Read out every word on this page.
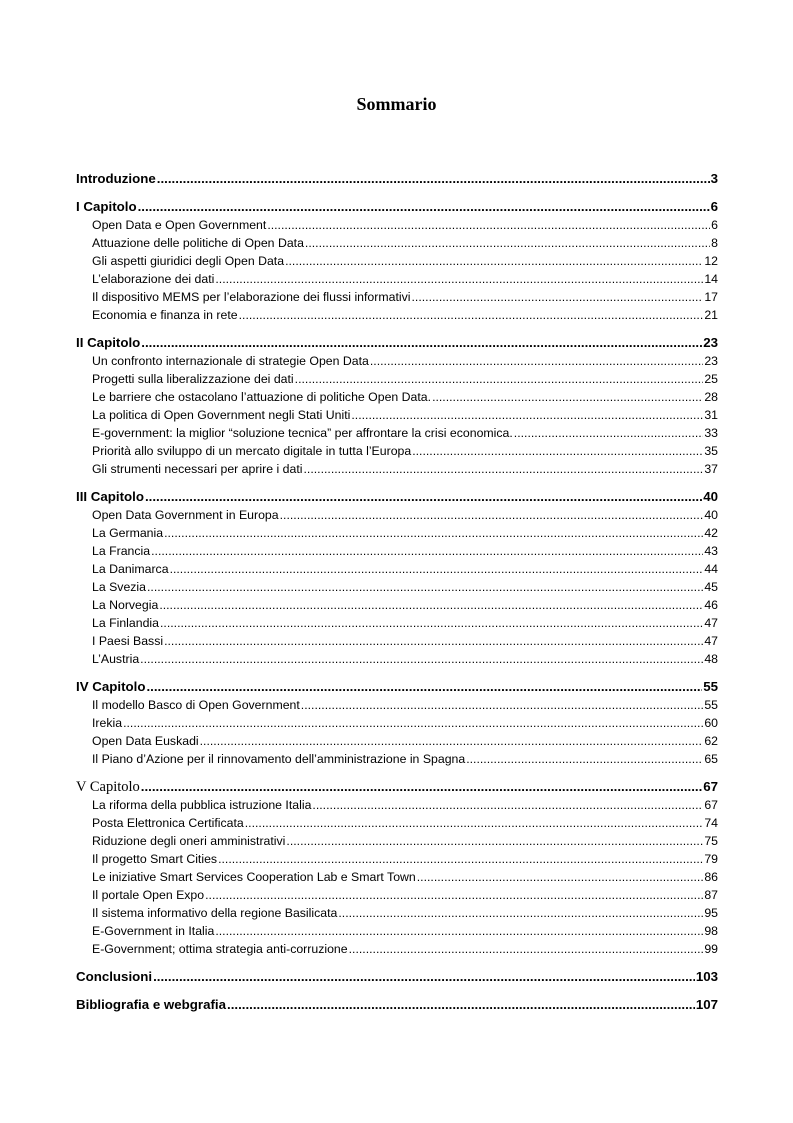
Sommario
Introduzione .....	3
I Capitolo .....	6
Open Data e Open Government .....	6
Attuazione delle politiche di Open Data .....	8
Gli aspetti giuridici degli Open Data .....	12
L’elaborazione dei dati .....	14
Il dispositivo MEMS per l’elaborazione dei flussi informativi .....	17
Economia e finanza in rete .....	21
II Capitolo .....	23
Un confronto internazionale di strategie Open Data .....	23
Progetti sulla liberalizzazione dei dati .....	25
Le barriere che ostacolano l’attuazione di politiche Open Data. .....	28
La politica di Open Government negli Stati Uniti .....	31
E-government: la miglior “soluzione tecnica” per affrontare la crisi economica. .....	33
Priorità allo sviluppo di un mercato digitale in tutta l’Europa .....	35
Gli strumenti necessari per aprire i dati .....	37
III Capitolo .....	40
Open Data Government in Europa .....	40
La Germania .....	42
La Francia .....	43
La Danimarca .....	44
La Svezia .....	45
La Norvegia .....	46
La Finlandia .....	47
I Paesi Bassi .....	47
L’Austria .....	48
IV Capitolo .....	55
Il modello Basco di Open Government .....	55
Irekia .....	60
Open Data Euskadi .....	62
Il Piano d’Azione per il rinnovamento dell’amministrazione in Spagna .....	65
V Capitolo .....	67
La riforma della pubblica istruzione Italia .....	67
Posta Elettronica Certificata .....	74
Riduzione degli oneri amministrativi .....	75
Il progetto Smart Cities .....	79
Le iniziative Smart Services Cooperation Lab e Smart Town .....	86
Il portale Open Expo .....	87
Il sistema informativo della regione Basilicata .....	95
E-Government in Italia .....	98
E-Government; ottima strategia anti-corruzione .....	99
Conclusioni .....	103
Bibliografia e webgrafia .....	107
